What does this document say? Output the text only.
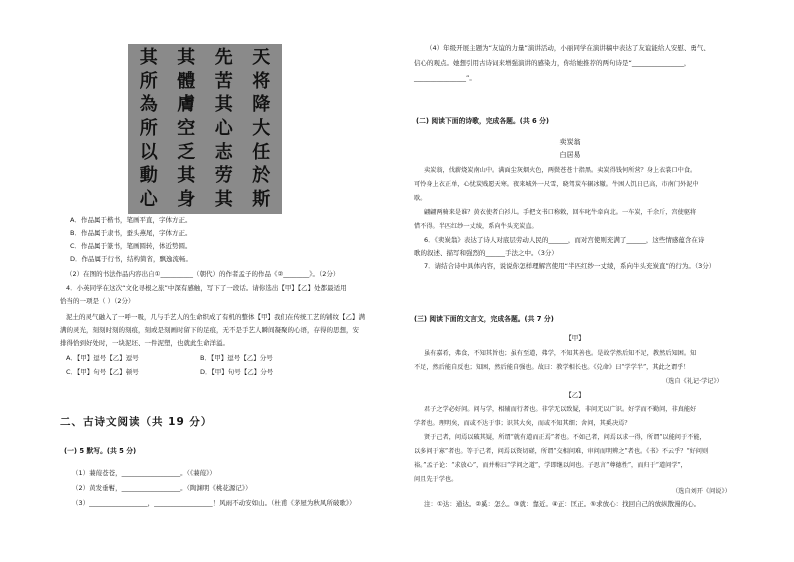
天
将
降
大
任
於
斯
先
苦
其
心
志
劳
其
其
體
膚
空
乏
其
身
其
所
為
所
以
動
心
A．作品属于楷书，笔画平直，字体方正。
B．作品属于隶书，蚕头燕尾，字体方正。
C．作品属于篆书，笔画圆转，体近势圆。
D．作品属于行书，结构简省，飘逸流畅。
（2）在图的书法作品内容出自①__________（朝代）的作者孟子的作品《②________》。（2分）
4．小英同学在这次“文化寻根之旅”中深有感触，写下了一段话。请你选出【甲】【乙】处都最适用
恰当的一项是（ ）（2分）
泥土的灵气融入了一呼一吸，几与手艺人的生命织成了有机的整体【甲】我们在传统工艺的铺纹【乙】满
满的灵光，刻刻时刻的刻痕，刻或是刻画时留下的足痕，无不是手艺人瞬间凝聚的心语，存得的思想，安
排得恰到好处时，一块泥坯、一件泥塑，也就此生命洋溢。
A．【甲】逗号【乙】逗号	B．【甲】逗号【乙】分号
C．【甲】句号【乙】顿号	D．【甲】句号【乙】分号
二、古诗文阅读（共 19 分）
(一) 5 默写。(共 5 分)
（1）蒹葭苍苍，__________________。（《蒹葭》）
（2）黄发垂髫，__________________。（陶渊明《桃花源记》）
（3）__________________，__________________！风雨不动安如山。（杜甫《茅屋为秋风所破歌》）
（4）年级开展主题为“友谊的力量”演讲活动，小丽同学在演讲稿中表达了友谊能给人安慰、勇气、
信心的观点。她想引用古诗词来增强演讲的感染力，你给她推荐的两句诗是“________________，
________________”。
(二) 阅读下面的诗歌，完成各题。(共 6 分)
卖炭翁
白居易
卖炭翁，伐薪烧炭南山中。满面尘灰烟火色，两鬓苍苍十指黑。卖炭得钱何所营？身上衣裳口中食。
可怜身上衣正单，心忧炭贱愿天寒。夜来城外一尺雪，晓驾炭车辗冰辙。牛困人饥日已高，市南门外泥中
歇。
翩翩两骑来是谁？黄衣使者白衫儿。手把文书口称敕，回车叱牛牵向北。一车炭，千余斤，宫使驱将
惜不得。半匹红纱一丈绫，系向牛头充炭直。
6．《卖炭翁》表达了诗人对底层劳动人民的______，而对宫使则充满了______，这些情感蕴含在诗
歌的叙述、描写和强烈的______手法之中。（3分）
7．请结合诗中具体内容，说说你怎样理解宫使用“半匹红纱一丈绫，系向牛头充炭直”的行为。（3分）
(三) 阅读下面的文言文，完成各题。(共 7 分)
【甲】
虽有嘉肴，弗食，不知其旨也；虽有至道，弗学，不知其善也。是故学然后知不足，教然后知困。知
不足，然后能自反也；知困，然后能自强也。故曰：教学相长也。《兑命》曰“学学半”，其此之谓乎！
（选自《礼记·学记》）
【乙】
君子之学必好问。问与学，相辅而行者也。非学无以致疑，非问无以广识。好学而不勤问，非真能好
学者也。理明矣，而或不达于事；识其大矣，而或不知其细；舍问，其奚决焉？
贤于己者，问焉以破其疑，所谓“就有道而正焉”者也。不如己者，问焉以求一得，所谓“以能问于不能，
以多问于寡”者也。等于己者，问焉以资切磋，所谓“交相问难，审问而明辨之”者也。《书》不云乎？“好问则
裕。”孟子论：“求放心”，而并称曰“学问之道”，学即继以问也。子思言“尊德性”，而归于“道问学”，
问且先于学也。
（选自刘开《问说》）
注：①达：通达。②奚：怎么。③就：靠近。④正：匡正。⑤求放心：找回自己的放纵散漫的心。
